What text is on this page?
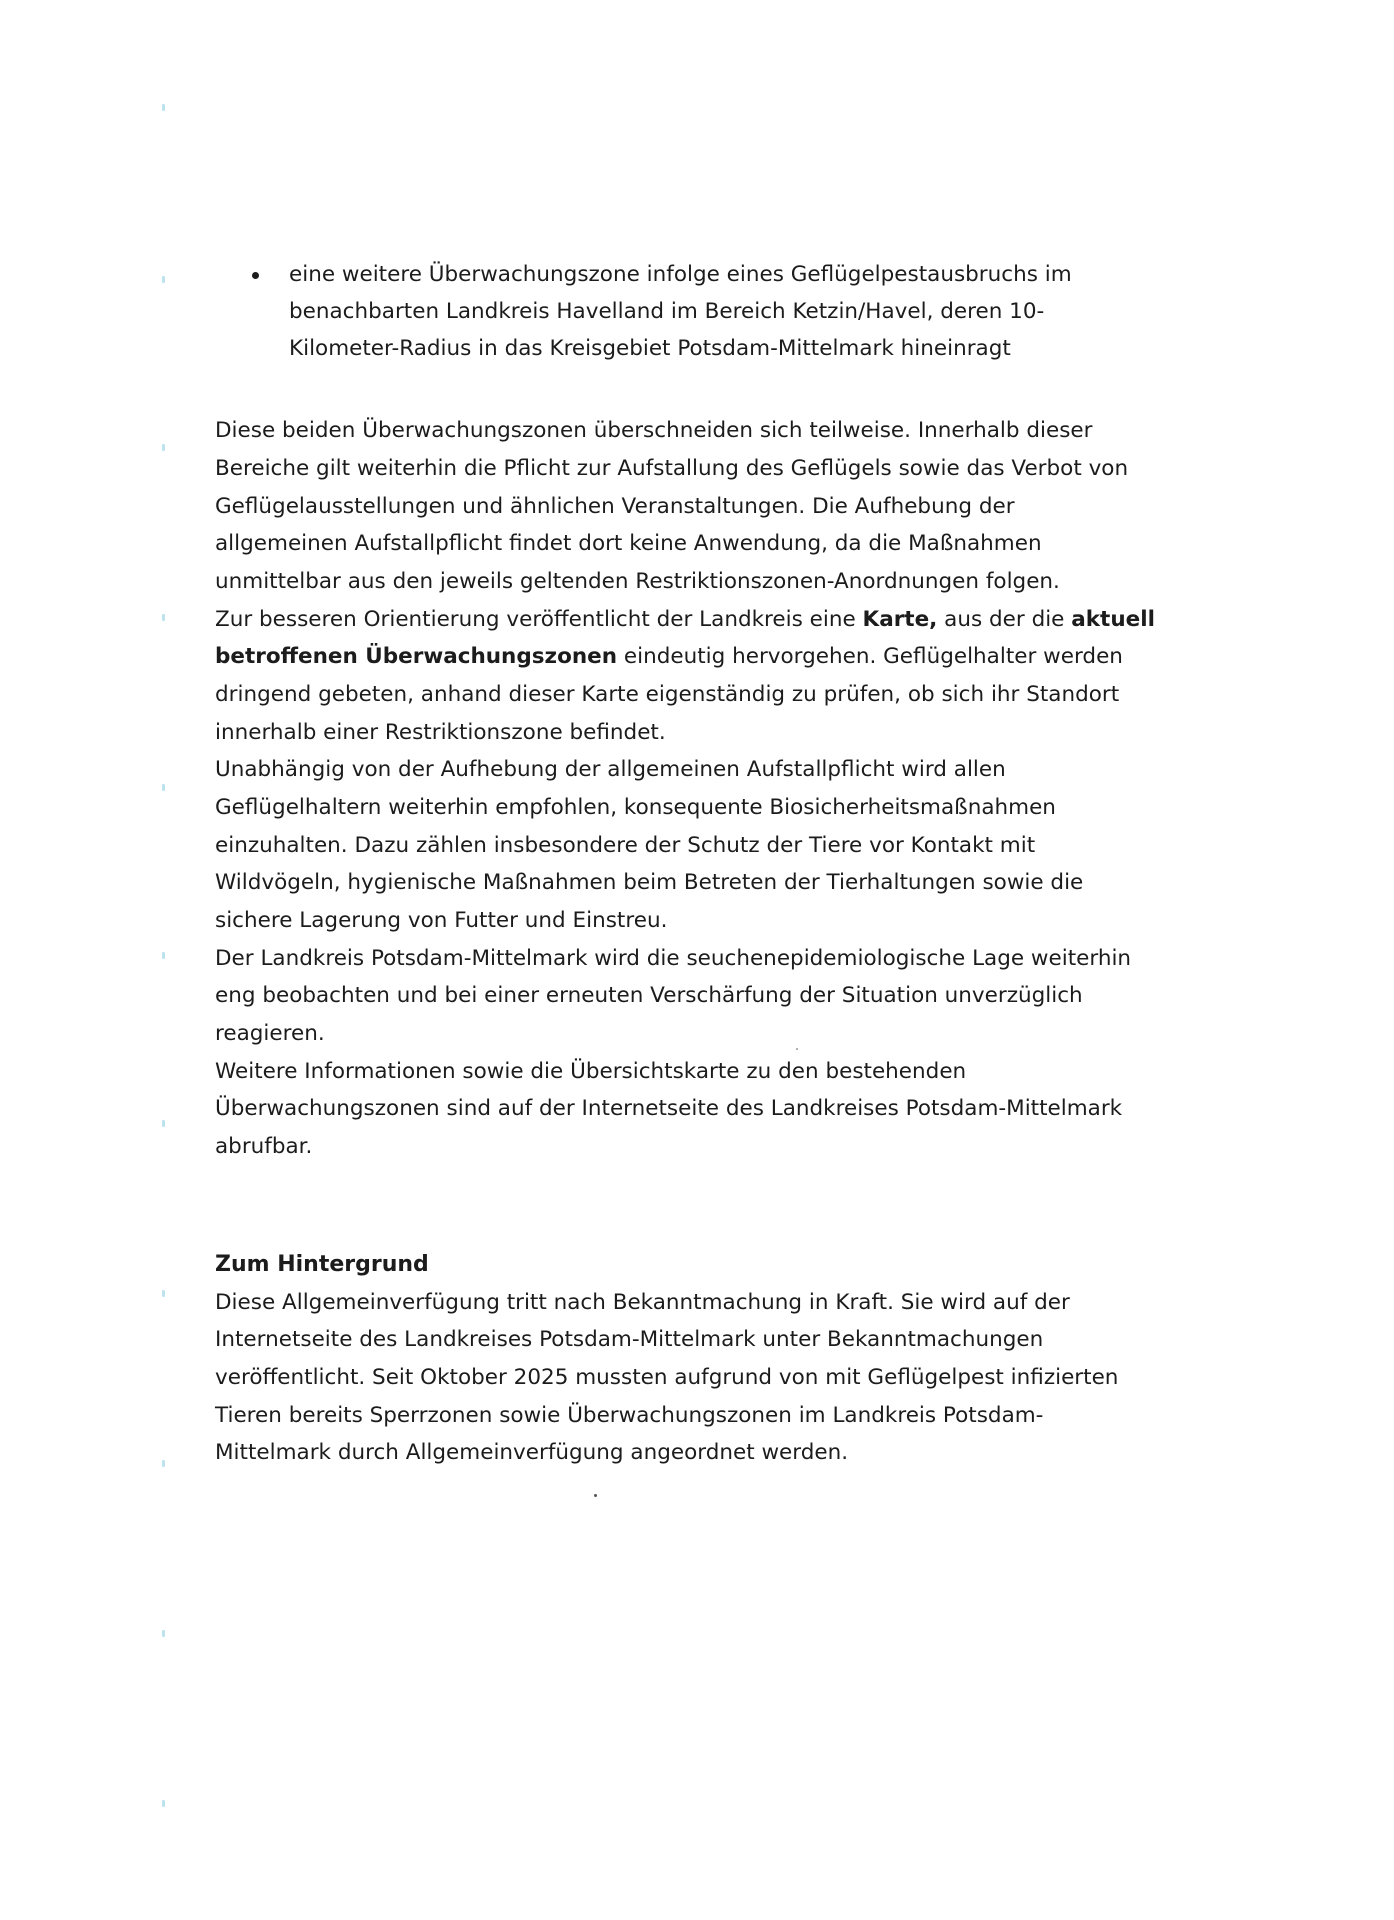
eine weitere Überwachungszone infolge eines Geflügelpestausbruchs im
benachbarten Landkreis Havelland im Bereich Ketzin/Havel, deren 10-
Kilometer-Radius in das Kreisgebiet Potsdam-Mittelmark hineinragt
Diese beiden Überwachungszonen überschneiden sich teilweise. Innerhalb dieser
Bereiche gilt weiterhin die Pflicht zur Aufstallung des Geflügels sowie das Verbot von
Geflügelausstellungen und ähnlichen Veranstaltungen. Die Aufhebung der
allgemeinen Aufstallpflicht findet dort keine Anwendung, da die Maßnahmen
unmittelbar aus den jeweils geltenden Restriktionszonen-Anordnungen folgen.
Zur besseren Orientierung veröffentlicht der Landkreis eine Karte, aus der die aktuell
betroffenen Überwachungszonen eindeutig hervorgehen. Geflügelhalter werden
dringend gebeten, anhand dieser Karte eigenständig zu prüfen, ob sich ihr Standort
innerhalb einer Restriktionszone befindet.
Unabhängig von der Aufhebung der allgemeinen Aufstallpflicht wird allen
Geflügelhaltern weiterhin empfohlen, konsequente Biosicherheitsmaßnahmen
einzuhalten. Dazu zählen insbesondere der Schutz der Tiere vor Kontakt mit
Wildvögeln, hygienische Maßnahmen beim Betreten der Tierhaltungen sowie die
sichere Lagerung von Futter und Einstreu.
Der Landkreis Potsdam-Mittelmark wird die seuchenepidemiologische Lage weiterhin
eng beobachten und bei einer erneuten Verschärfung der Situation unverzüglich
reagieren.
Weitere Informationen sowie die Übersichtskarte zu den bestehenden
Überwachungszonen sind auf der Internetseite des Landkreises Potsdam-Mittelmark
abrufbar.
Zum Hintergrund
Diese Allgemeinverfügung tritt nach Bekanntmachung in Kraft. Sie wird auf der
Internetseite des Landkreises Potsdam-Mittelmark unter Bekanntmachungen
veröffentlicht. Seit Oktober 2025 mussten aufgrund von mit Geflügelpest infizierten
Tieren bereits Sperrzonen sowie Überwachungszonen im Landkreis Potsdam-
Mittelmark durch Allgemeinverfügung angeordnet werden.
